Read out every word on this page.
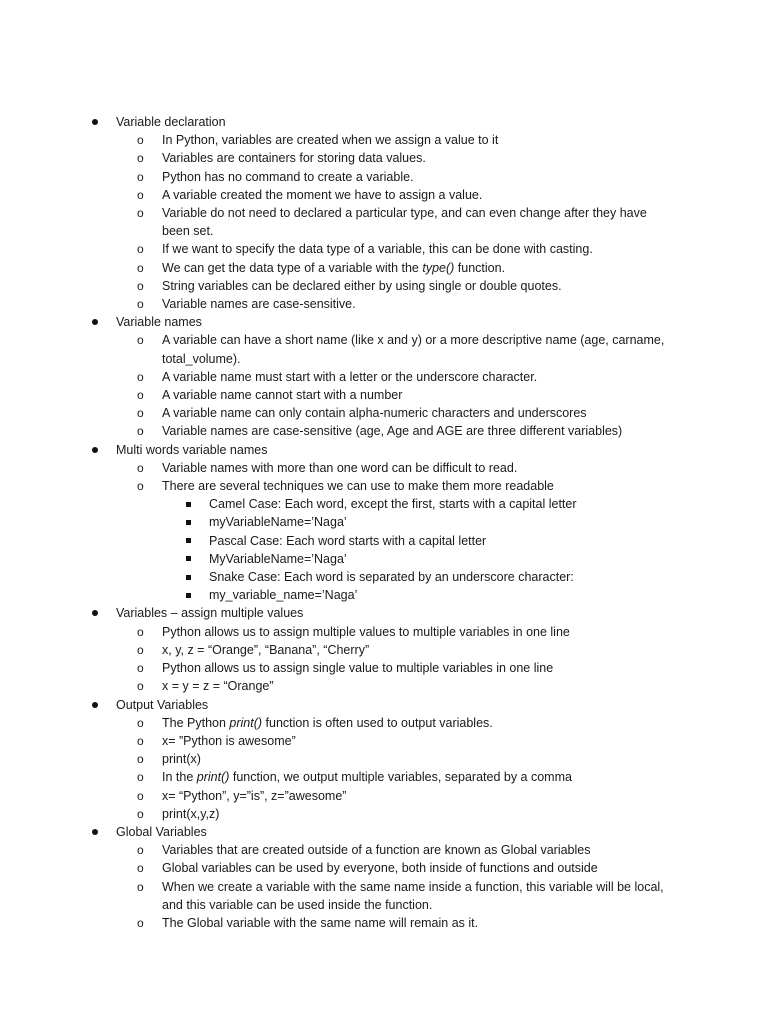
Variable declaration
o In Python, variables are created when we assign a value to it
o Variables are containers for storing data values.
o Python has no command to create a variable.
o A variable created the moment we have to assign a value.
o Variable do not need to declared a particular type, and can even change after they have been set.
o If we want to specify the data type of a variable, this can be done with casting.
o We can get the data type of a variable with the type() function.
o String variables can be declared either by using single or double quotes.
o Variable names are case-sensitive.
Variable names
o A variable can have a short name (like x and y) or a more descriptive name (age, carname, total_volume).
o A variable name must start with a letter or the underscore character.
o A variable name cannot start with a number
o A variable name can only contain alpha-numeric characters and underscores
o Variable names are case-sensitive (age, Age and AGE are three different variables)
Multi words variable names
o Variable names with more than one word can be difficult to read.
o There are several techniques we can use to make them more readable
Camel Case: Each word, except the first, starts with a capital letter
myVariableName=’Naga’
Pascal Case: Each word starts with a capital letter
MyVariableName=’Naga’
Snake Case: Each word is separated by an underscore character:
my_variable_name=’Naga’
Variables – assign multiple values
o Python allows us to assign multiple values to multiple variables in one line
o x, y, z = “Orange”, “Banana”, “Cherry”
o Python allows us to assign single value to multiple variables in one line
o x = y = z = “Orange”
Output Variables
o The Python print() function is often used to output variables.
o x= ”Python is awesome”
o print(x)
o In the print() function, we output multiple variables, separated by a comma
o x= “Python”, y=”is”, z=”awesome”
o print(x,y,z)
Global Variables
o Variables that are created outside of a function are known as Global variables
o Global variables can be used by everyone, both inside of functions and outside
o When we create a variable with the same name inside a function, this variable will be local, and this variable can be used inside the function.
o The Global variable with the same name will remain as it.
